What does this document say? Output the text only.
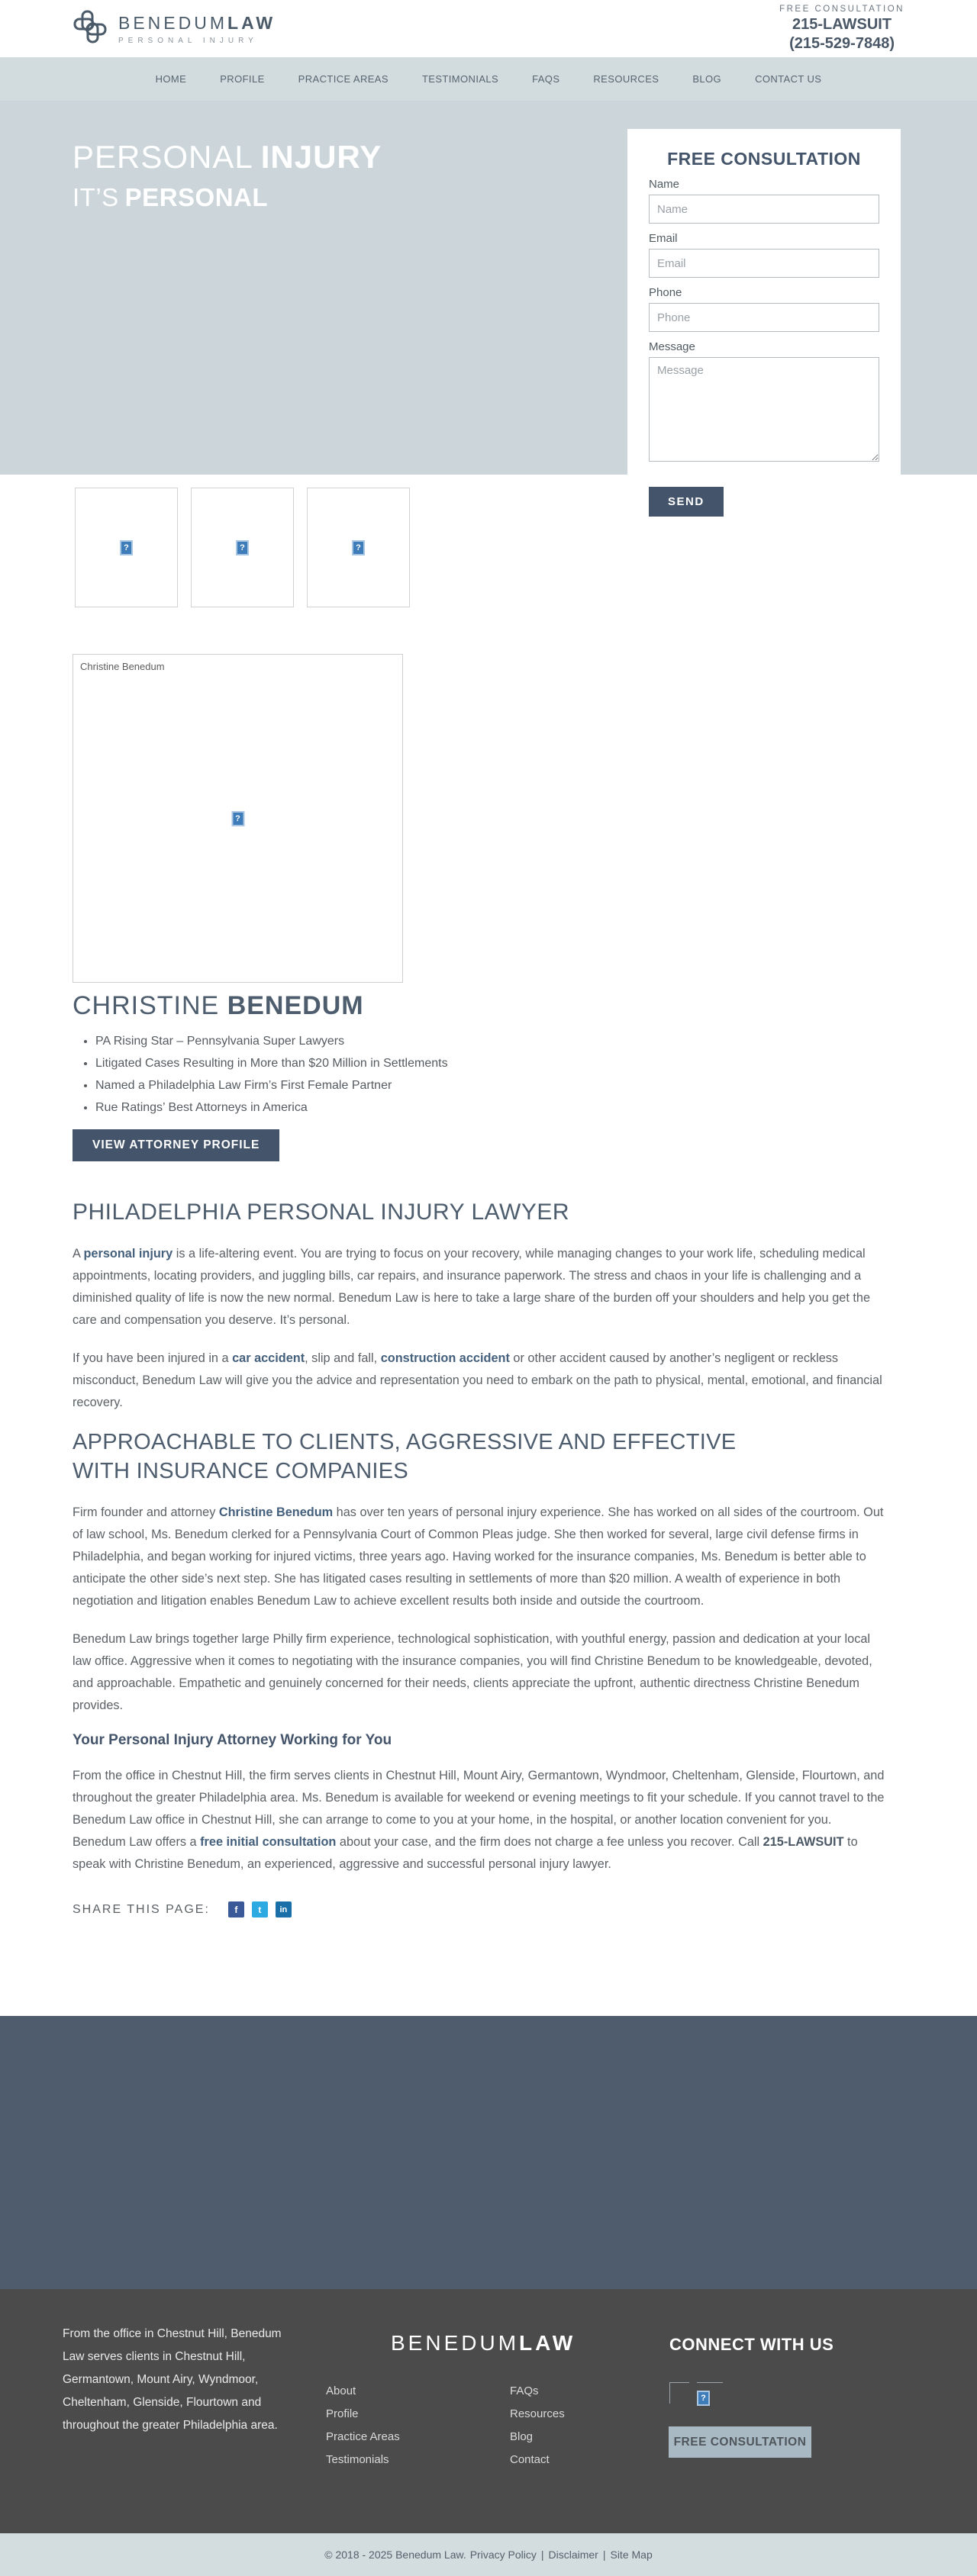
BENEDUMLAW
PERSONAL INJURY
FREE CONSULTATION
215-LAWSUIT
(215-529-7848)
HOME	PROFILE	PRACTICE AREAS	TESTIMONIALS	FAQS	RESOURCES	BLOG	CONTACT US
PERSONAL INJURY
IT’S PERSONAL
FREE CONSULTATION
Name
Name
Email
Email
Phone
Phone
Message
Message SEND
?	?	?
Christine Benedum
?
CHRISTINE BENEDUM
• PA Rising Star – Pennsylvania Super Lawyers
• Litigated Cases Resulting in More than $20 Million in Settlements
• Named a Philadelphia Law Firm’s First Female Partner
• Rue Ratings’ Best Attorneys in America
VIEW ATTORNEY PROFILE
PHILADELPHIA PERSONAL INJURY LAWYER

A personal injury is a life-altering event. You are trying to focus on your recovery, while managing changes to your work life, scheduling medical appointments, locating providers, and juggling bills, car repairs, and insurance paperwork. The stress and chaos in your life is challenging and a diminished quality of life is now the new normal. Benedum Law is here to take a large share of the burden off your shoulders and help you get the care and compensation you deserve. It’s personal.

If you have been injured in a car accident, slip and fall, construction accident or other accident caused by another’s negligent or reckless misconduct, Benedum Law will give you the advice and representation you need to embark on the path to physical, mental, emotional, and financial recovery.

APPROACHABLE TO CLIENTS, AGGRESSIVE AND EFFECTIVE WITH INSURANCE COMPANIES

Firm founder and attorney Christine Benedum has over ten years of personal injury experience. She has worked on all sides of the courtroom. Out of law school, Ms. Benedum clerked for a Pennsylvania Court of Common Pleas judge. She then worked for several, large civil defense firms in Philadelphia, and began working for injured victims, three years ago. Having worked for the insurance companies, Ms. Benedum is better able to anticipate the other side’s next step. She has litigated cases resulting in settlements of more than $20 million. A wealth of experience in both negotiation and litigation enables Benedum Law to achieve excellent results both inside and outside the courtroom.

Benedum Law brings together large Philly firm experience, technological sophistication, with youthful energy, passion and dedication at your local law office. Aggressive when it comes to negotiating with the insurance companies, you will find Christine Benedum to be knowledgeable, devoted, and approachable. Empathetic and genuinely concerned for their needs, clients appreciate the upfront, authentic directness Christine Benedum provides.

Your Personal Injury Attorney Working for You

From the office in Chestnut Hill, the firm serves clients in Chestnut Hill, Mount Airy, Germantown, Wyndmoor, Cheltenham, Glenside, Flourtown, and throughout the greater Philadelphia area. Ms. Benedum is available for weekend or evening meetings to fit your schedule. If you cannot travel to the Benedum Law office in Chestnut Hill, she can arrange to come to you at your home, in the hospital, or another location convenient for you. Benedum Law offers a free initial consultation about your case, and the firm does not charge a fee unless you recover. Call 215-LAWSUIT to speak with Christine Benedum, an experienced, aggressive and successful personal injury lawyer.

SHARE THIS PAGE:	f	t	in
From the office in Chestnut Hill, Benedum Law serves clients in Chestnut Hill, Germantown, Mount Airy, Wyndmoor, Cheltenham, Glenside, Flourtown and throughout the greater Philadelphia area.
BENEDUMLAW
About
Profile
Practice Areas
Testimonials
FAQs
Resources
Blog
Contact
CONNECT WITH US
?
FREE CONSULTATION
© 2018 - 2025 Benedum Law. Privacy Policy | Disclaimer | Site Map
